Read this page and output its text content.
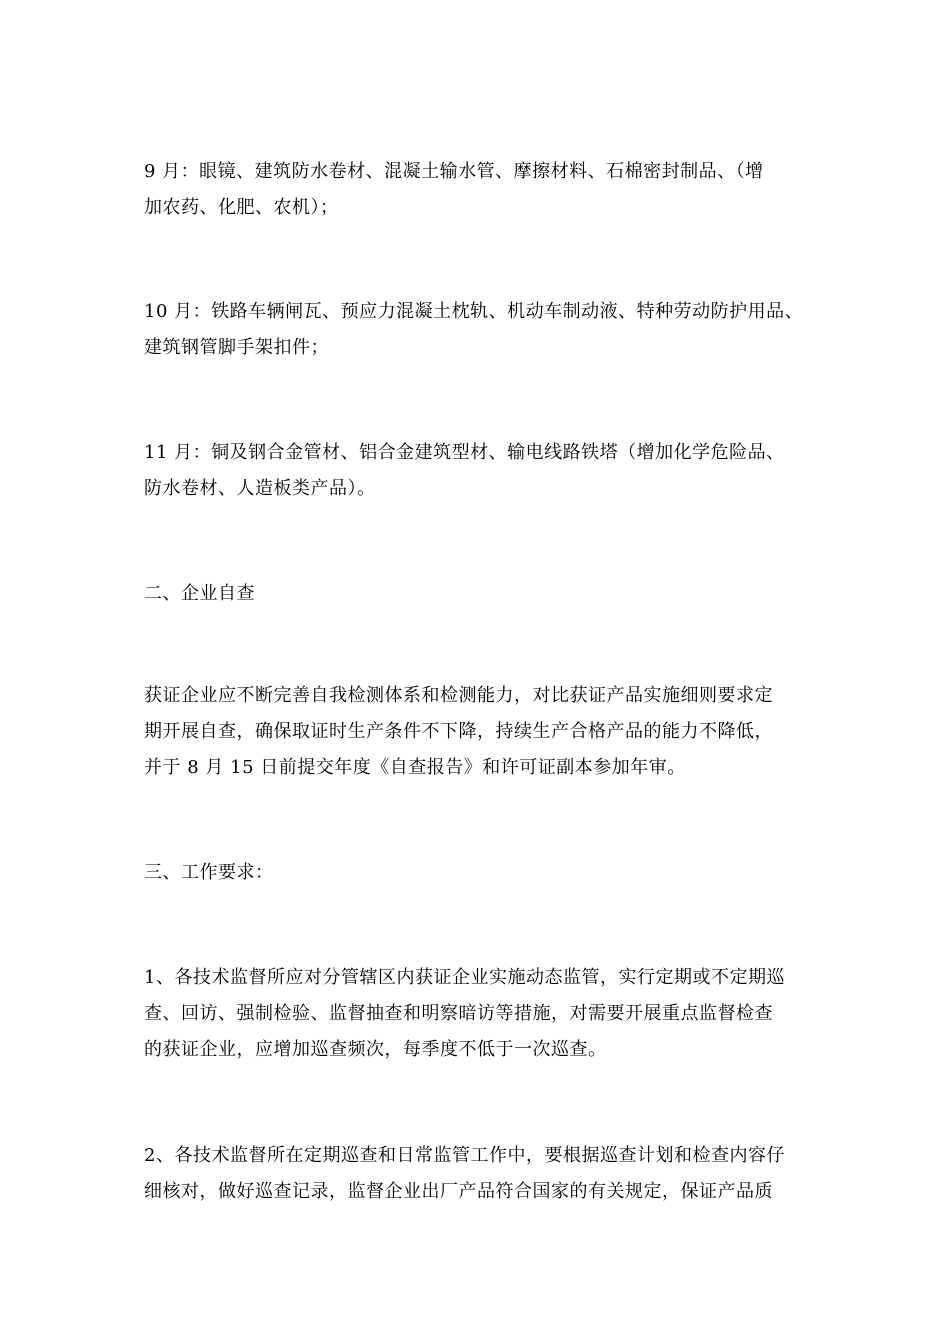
9 月：眼镜、建筑防水卷材、混凝土输水管、摩擦材料、石棉密封制品、（增
加农药、化肥、农机）；

10 月：铁路车辆闸瓦、预应力混凝土枕轨、机动车制动液、特种劳动防护用品、
建筑钢管脚手架扣件；

11 月：铜及钢合金管材、铝合金建筑型材、输电线路铁塔（增加化学危险品、
防水卷材、人造板类产品）。

二、企业自查

获证企业应不断完善自我检测体系和检测能力，对比获证产品实施细则要求定
期开展自查，确保取证时生产条件不下降，持续生产合格产品的能力不降低，
并于 8 月 15 日前提交年度《自查报告》和许可证副本参加年审。

三、工作要求：

1、各技术监督所应对分管辖区内获证企业实施动态监管，实行定期或不定期巡
查、回访、强制检验、监督抽查和明察暗访等措施，对需要开展重点监督检查
的获证企业，应增加巡查频次，每季度不低于一次巡查。

2、各技术监督所在定期巡查和日常监管工作中，要根据巡查计划和检查内容仔
细核对，做好巡查记录，监督企业出厂产品符合国家的有关规定，保证产品质
